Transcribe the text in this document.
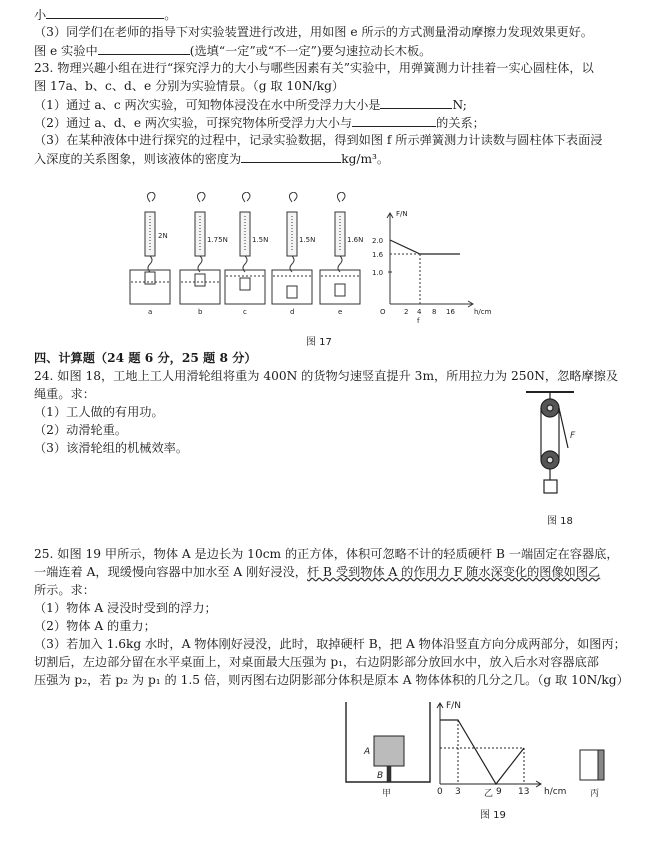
小	。
（3）同学们在老师的指导下对实验装置进行改进，用如图 e 所示的方式测量滑动摩擦力发现效果更好。
图 e 实验中	(选填“一定”或“不一定”)要匀速拉动长木板。
23. 物理兴趣小组在进行“探究浮力的大小与哪些因素有关”实验中，用弹簧测力计挂着一实心圆柱体，以
图 17a、b、c、d、e 分别为实验情景。（g 取 10N/kg）
（1）通过 a、c 两次实验，可知物体浸没在水中所受浮力大小是	N;
（2）通过 a、d、e 两次实验，可探究物体所受浮力大小与	的关系；
（3）在某种液体中进行探究的过程中，记录实验数据，得到如图 f 所示弹簧测力计读数与圆柱体下表面浸
入深度的关系图象，则该液体的密度为	kg/m³。
2N	1.75N	1.5N	1.5N	1.6N
a	b	c	d	e
F/N
2.0
1.6
1.0
O	2 4 8 16	h/cm
f
图 17
四、计算题（24 题 6 分，25 题 8 分）
24. 如图 18，工地上工人用滑轮组将重为 400N 的货物匀速竖直提升 3m，所用拉力为 250N，忽略摩擦及
绳重。求：
（1）工人做的有用功。
（2）动滑轮重。
（3）该滑轮组的机械效率。
F
图 18
25. 如图 19 甲所示，物体 A 是边长为 10cm 的正方体，体积可忽略不计的轻质硬杆 B 一端固定在容器底，
一端连着 A，现缓慢向容器中加水至 A 刚好浸没，杆 B 受到物体 A 的作用力 F 随水深变化的图像如图乙
所示。求：
（1）物体 A 浸没时受到的浮力；
（2）物体 A 的重力；
（3）若加入 1.6kg 水时，A 物体刚好浸没，此时，取掉硬杆 B，把 A 物体沿竖直方向分成两部分，如图丙；
切割后，左边部分留在水平桌面上，对桌面最大压强为 p₁，右边阴影部分放回水中，放入后水对容器底部
压强为 p₂，若 p₂ 为 p₁ 的 1.5 倍，则丙图右边阴影部分体积是原本 A 物体体积的几分之几。（g 取 10N/kg）
A
B
F/N
0 3	9 13 h/cm
甲	乙	丙
图 19
